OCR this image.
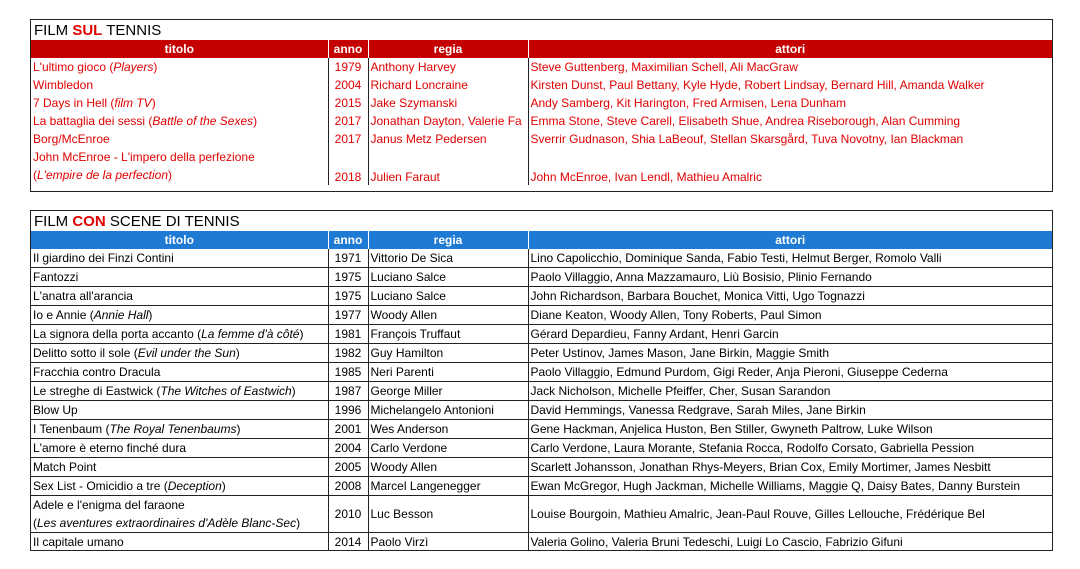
FILM SUL TENNIS
titolo	anno	regia	attori
L'ultimo gioco (Players)	1979	Anthony Harvey	Steve Guttenberg, Maximilian Schell, Ali MacGraw
Wimbledon	2004	Richard Loncraine	Kirsten Dunst, Paul Bettany, Kyle Hyde, Robert Lindsay, Bernard Hill, Amanda Walker
7 Days in Hell (film TV)	2015	Jake Szymanski	Andy Samberg, Kit Harington, Fred Armisen, Lena Dunham
La battaglia dei sessi (Battle of the Sexes)	2017	Jonathan Dayton, Valerie Fa	Emma Stone, Steve Carell, Elisabeth Shue, Andrea Riseborough, Alan Cumming
Borg/McEnroe	2017	Janus Metz Pedersen	Sverrir Gudnason, Shia LaBeouf, Stellan Skarsgård, Tuva Novotny, Ian Blackman

John McEnroe - L'impero della perfezione
(L'empire de la perfection)	2018	Julien Faraut	John McEnroe, Ivan Lendl, Mathieu Amalric
FILM CON SCENE DI TENNIS
titolo	anno	regia	attori
Il giardino dei Finzi Contini	1971	Vittorio De Sica	Lino Capolicchio, Dominique Sanda, Fabio Testi, Helmut Berger, Romolo Valli
Fantozzi	1975	Luciano Salce	Paolo Villaggio, Anna Mazzamauro, Liù Bosisio, Plinio Fernando
L'anatra all'arancia	1975	Luciano Salce	John Richardson, Barbara Bouchet, Monica Vitti, Ugo Tognazzi
Io e Annie (Annie Hall)	1977	Woody Allen	Diane Keaton, Woody Allen, Tony Roberts, Paul Simon
La signora della porta accanto (La femme d'à côté)	1981	François Truffaut	Gérard Depardieu, Fanny Ardant, Henri Garcin
Delitto sotto il sole (Evil under the Sun)	1982	Guy Hamilton	Peter Ustinov, James Mason, Jane Birkin, Maggie Smith
Fracchia contro Dracula	1985	Neri Parenti	Paolo Villaggio, Edmund Purdom, Gigi Reder, Anja Pieroni, Giuseppe Cederna
Le streghe di Eastwick (The Witches of Eastwich)	1987	George Miller	Jack Nicholson, Michelle Pfeiffer, Cher, Susan Sarandon
Blow Up	1996	Michelangelo Antonioni	David Hemmings, Vanessa Redgrave, Sarah Miles, Jane Birkin
I Tenenbaum (The Royal Tenenbaums)	2001	Wes Anderson	Gene Hackman, Anjelica Huston, Ben Stiller, Gwyneth Paltrow, Luke Wilson
L'amore è eterno finché dura	2004	Carlo Verdone	Carlo Verdone, Laura Morante, Stefania Rocca, Rodolfo Corsato, Gabriella Pession
Match Point	2005	Woody Allen	Scarlett Johansson, Jonathan Rhys-Meyers, Brian Cox, Emily Mortimer, James Nesbitt
Sex List - Omicidio a tre (Deception)	2008	Marcel Langenegger	Ewan McGregor, Hugh Jackman, Michelle Williams, Maggie Q, Daisy Bates, Danny Burstein

Adele e l'enigma del faraone
(Les aventures extraordinaires d'Adèle Blanc-Sec)	2010	Luc Besson	Louise Bourgoin, Mathieu Amalric, Jean-Paul Rouve, Gilles Lellouche, Frédérique Bel
Il capitale umano	2014	Paolo Virzì	Valeria Golino, Valeria Bruni Tedeschi, Luigi Lo Cascio, Fabrizio Gifuni
